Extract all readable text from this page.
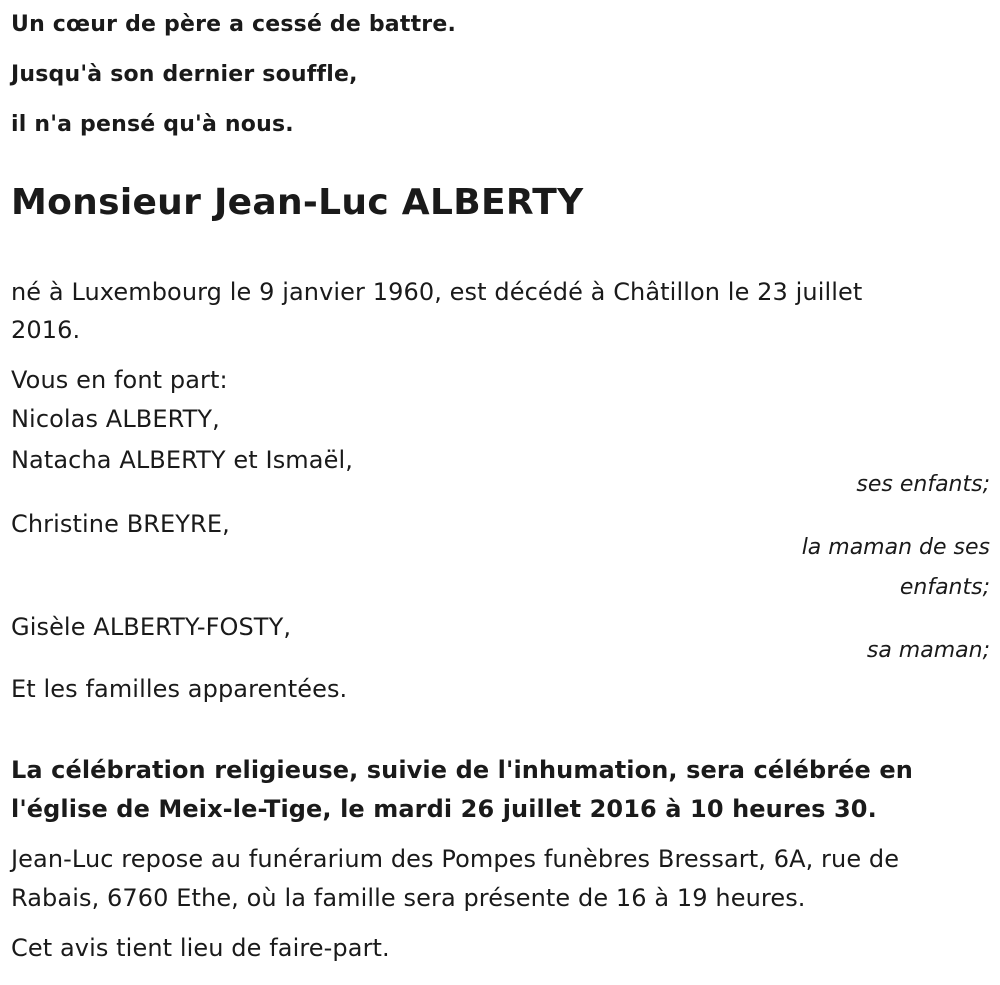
Un cœur de père a cessé de battre.

Jusqu'à son dernier souffle,

il n'a pensé qu'à nous.

Monsieur Jean-Luc ALBERTY

né à Luxembourg le 9 janvier 1960, est décédé à Châtillon le 23 juillet

2016.

Vous en font part:

Nicolas ALBERTY,

Natacha ALBERTY et Ismaël,

ses enfants;

Christine BREYRE,

la maman de ses
enfants;

Gisèle ALBERTY-FOSTY,

sa maman;

Et les familles apparentées.

La célébration religieuse, suivie de l'inhumation, sera célébrée en

l'église de Meix-le-Tige, le mardi 26 juillet 2016 à 10 heures 30.

Jean-Luc repose au funérarium des Pompes funèbres Bressart, 6A, rue de

Rabais, 6760 Ethe, où la famille sera présente de 16 à 19 heures.

Cet avis tient lieu de faire-part.
